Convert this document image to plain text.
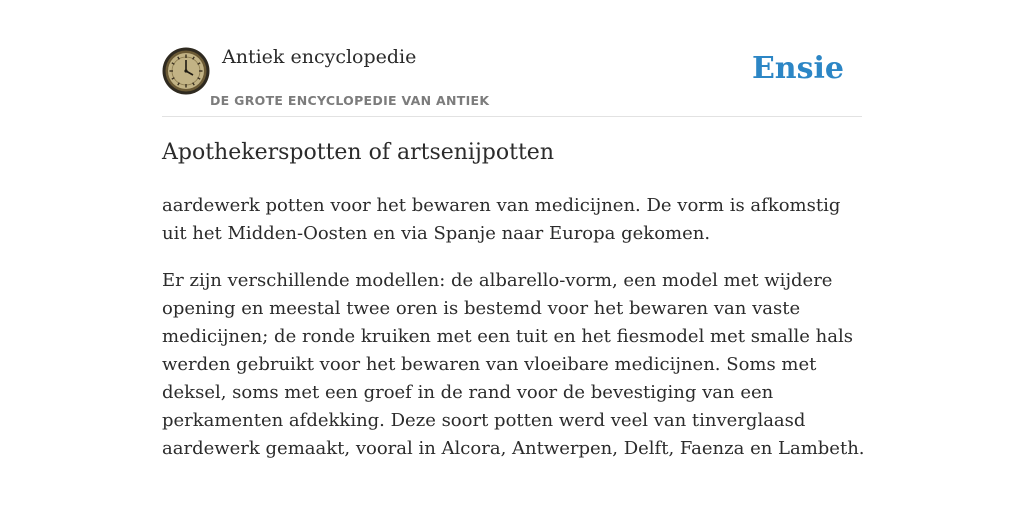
Antiek encyclopedie
DE GROTE ENCYCLOPEDIE VAN ANTIEK
Ensie
Apothekerspotten of artsenijpotten

aardewerk potten voor het bewaren van medicijnen. De vorm is afkomstig uit het Midden-Oosten en via Spanje naar Europa gekomen.

Er zijn verschillende modellen: de albarello-vorm, een model met wijdere opening en meestal twee oren is bestemd voor het bewaren van vaste medicijnen; de ronde kruiken met een tuit en het fiesmodel met smalle hals werden gebruikt voor het bewaren van vloeibare medicijnen. Soms met deksel, soms met een groef in de rand voor de bevestiging van een perkamenten afdekking. Deze soort potten werd veel van tinverglaasd aardewerk gemaakt, vooral in Alcora, Antwerpen, Delft, Faenza en Lambeth.
